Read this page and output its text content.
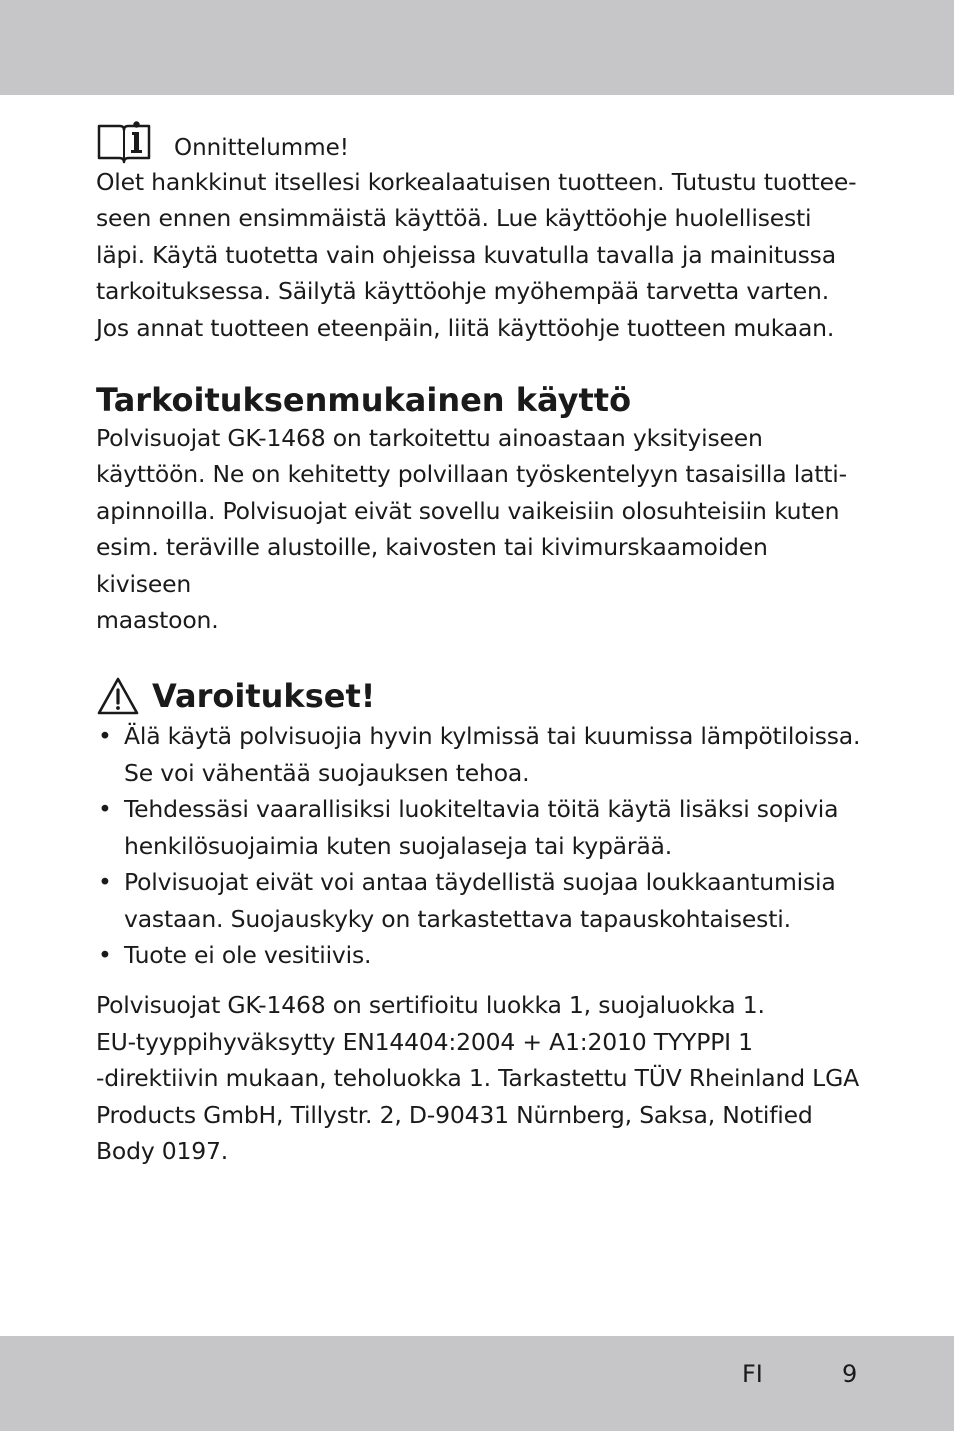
Onnittelumme!

Olet hankkinut itsellesi korkealaatuisen tuotteen. Tutustu tuottee-
seen ennen ensimmäistä käyttöä. Lue käyttöohje huolellisesti
läpi. Käytä tuotetta vain ohjeissa kuvatulla tavalla ja mainitussa
tarkoituksessa. Säilytä käyttöohje myöhempää tarvetta varten.
Jos annat tuotteen eteenpäin, liitä käyttöohje tuotteen mukaan.

Tarkoituksenmukainen käyttö

Polvisuojat GK-1468 on tarkoitettu ainoastaan yksityiseen
käyttöön. Ne on kehitetty polvillaan työskentelyyn tasaisilla latti-
apinnoilla. Polvisuojat eivät sovellu vaikeisiin olosuhteisiin kuten
esim. teräville alustoille, kaivosten tai kivimurskaamoiden kiviseen
maastoon.

Varoitukset!
• Älä käytä polvisuojia hyvin kylmissä tai kuumissa lämpötiloissa.
Se voi vähentää suojauksen tehoa.
• Tehdessäsi vaarallisiksi luokiteltavia töitä käytä lisäksi sopivia
henkilösuojaimia kuten suojalaseja tai kypärää.
• Polvisuojat eivät voi antaa täydellistä suojaa loukkaantumisia
vastaan. Suojauskyky on tarkastettava tapauskohtaisesti.
• Tuote ei ole vesitiivis.

Polvisuojat GK-1468 on sertifioitu luokka 1, suojaluokka 1.
EU-tyyppihyväksytty EN14404:2004 + A1:2010 TYYPPI 1
-direktiivin mukaan, teholuokka 1. Tarkastettu TÜV Rheinland LGA
Products GmbH, Tillystr. 2, D-90431 Nürnberg, Saksa, Notified
Body 0197.

FI	9
